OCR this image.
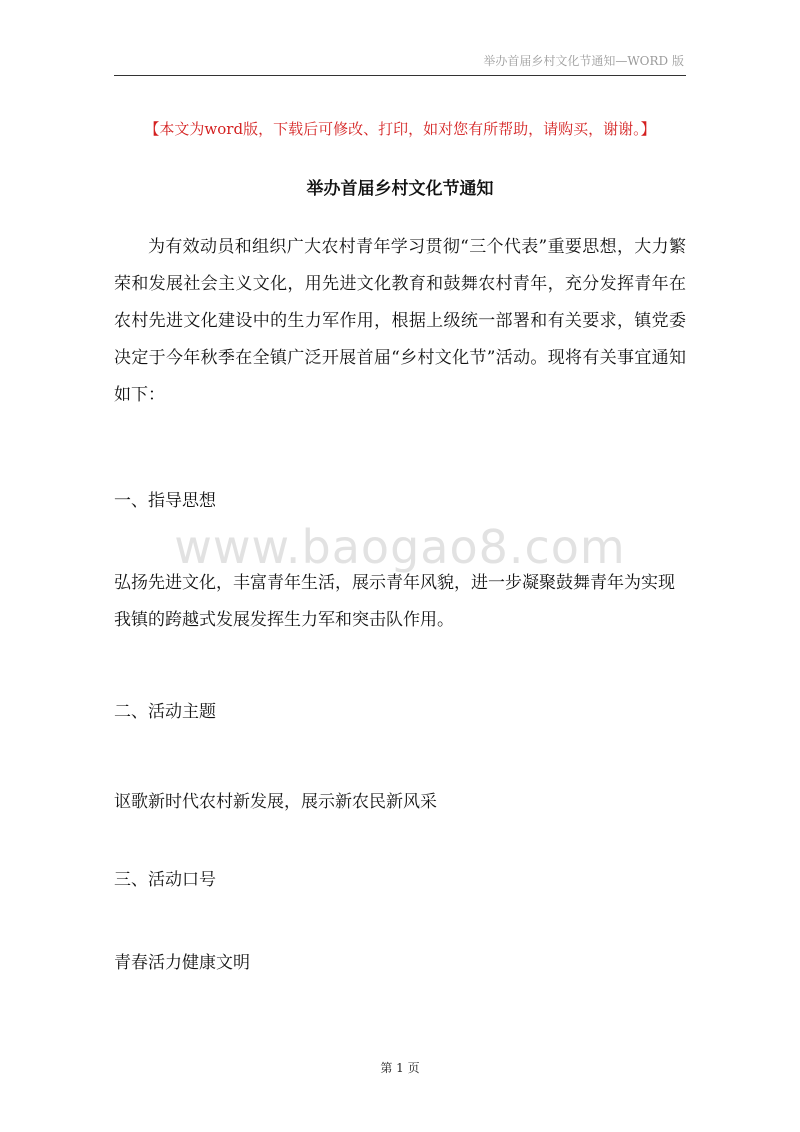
举办首届乡村文化节通知—WORD 版
【本文为word版，下载后可修改、打印，如对您有所帮助，请购买，谢谢。】
举办首届乡村文化节通知

为有效动员和组织广大农村青年学习贯彻“三个代表”重要思想，大力繁荣和发展社会主义文化，用先进文化教育和鼓舞农村青年，充分发挥青年在农村先进文化建设中的生力军作用，根据上级统一部署和有关要求，镇党委决定于今年秋季在全镇广泛开展首届“乡村文化节”活动。现将有关事宜通知如下：

一、指导思想
www.baogao8.com

弘扬先进文化，丰富青年生活，展示青年风貌，进一步凝聚鼓舞青年为实现我镇的跨越式发展发挥生力军和突击队作用。

二、活动主题

讴歌新时代农村新发展，展示新农民新风采

三、活动口号

青春活力健康文明

第 1 页
